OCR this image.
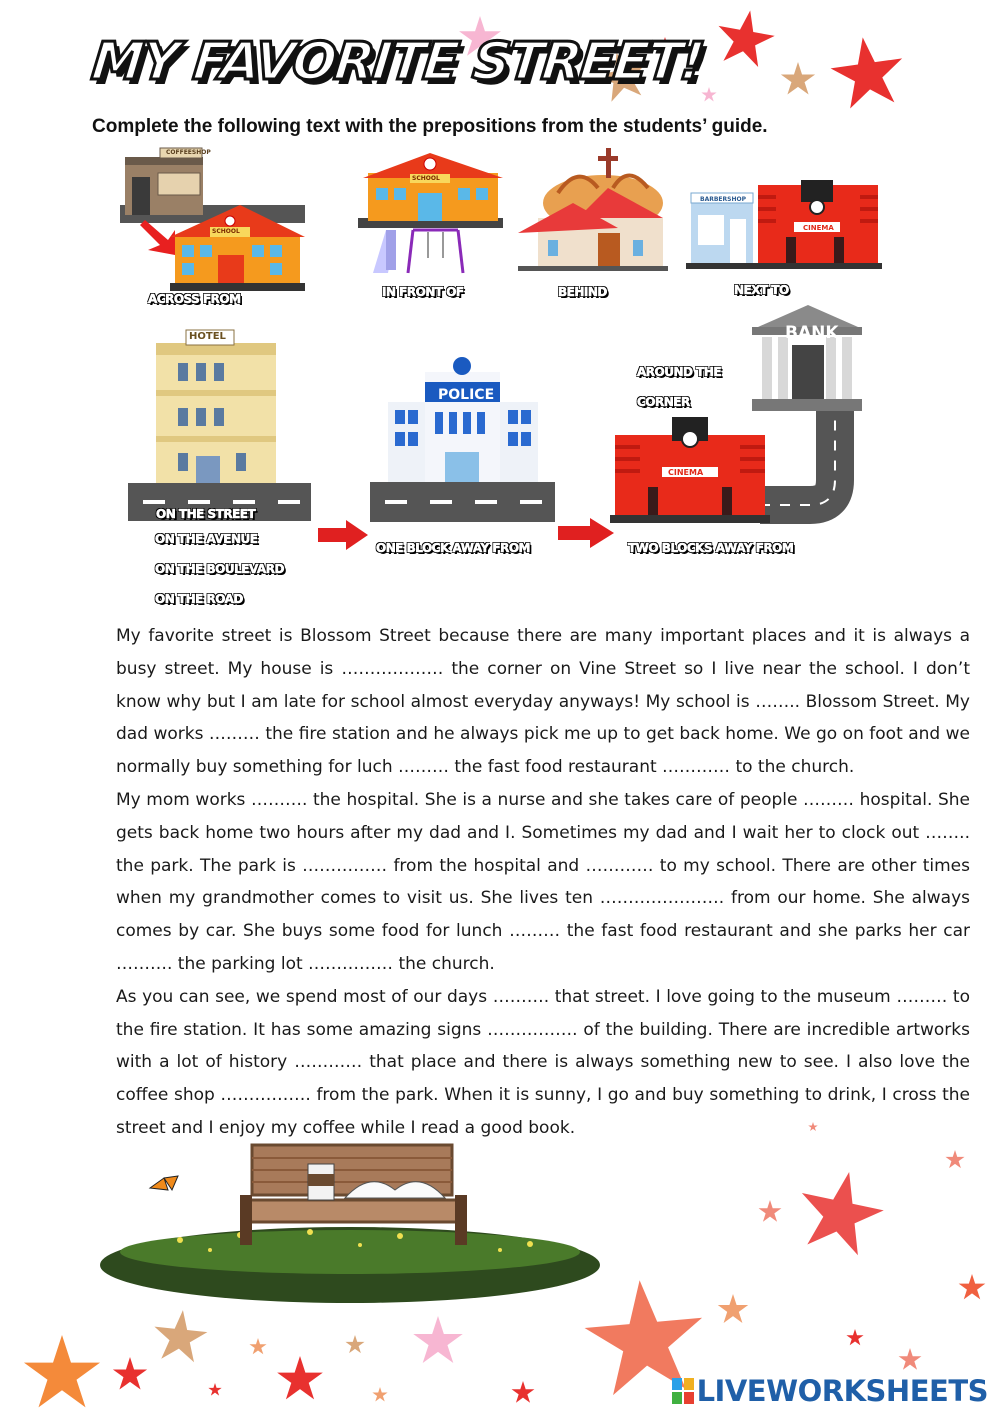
MY FAVORITE STREET!
Complete the following text with the prepositions from the students’ guide.
ACROSS FROM	IN FRONT OF	BEHIND	NEXT TO
ON THE STREET
ON THE AVENUE
ON THE BOULEVARD
ON THE ROAD
ONE BLOCK AWAY FROM
AROUND THE
CORNER
TWO BLOCKS AWAY FROM
COFFEESHOP
SCHOOL
SCHOOL
BARBERSHOP
CINEMA
HOTEL
POLICE
BANK
CINEMA

My favorite street is Blossom Street because there are many important places and it is always a busy street. My house is ……………… the corner on Vine Street so I live near the school. I don’t know why but I am late for school almost everyday anyways! My school is …….. Blossom Street. My dad works ……… the fire station and he always pick me up to get back home. We go on foot and we normally buy something for luch ……… the fast food restaurant ………… to the church.

My mom works ………. the hospital. She is a nurse and she takes care of people ……… hospital. She gets back home two hours after my dad and I. Sometimes my dad and I wait her to clock out …….. the park. The park is …………… from the hospital and ………… to my school. There are other times when my grandmother comes to visit us. She lives ten …………………. from our home. She always comes by car. She buys some food for lunch ……… the fast food restaurant and she parks her car ………. the parking lot …………… the church.

As you can see, we spend most of our days ………. that street. I love going to the museum ……… to the fire station. It has some amazing signs ……………. of the building. There are incredible artworks with a lot of history ………… that place and there is always something new to see. I also love the coffee shop ……………. from the park. When it is sunny, I go and buy something to drink, I cross the street and I enjoy my coffee while I read a good book.

LIVEWORKSHEETS
